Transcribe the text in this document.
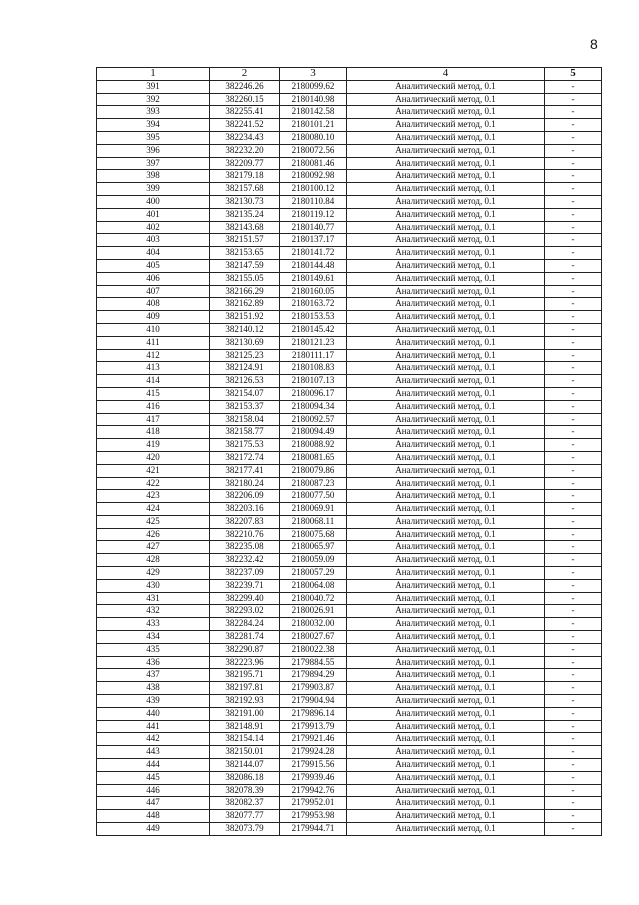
8
1	2	3	4	5
391	382246.26	2180099.62	Аналитический метод, 0.1	-
392	382260.15	2180140.98	Аналитический метод, 0.1	-
393	382255.41	2180142.58	Аналитический метод, 0.1	-
394	382241.52	2180101.21	Аналитический метод, 0.1	-
395	382234.43	2180080.10	Аналитический метод, 0.1	-
396	382232.20	2180072.56	Аналитический метод, 0.1	-
397	382209.77	2180081.46	Аналитический метод, 0.1	-
398	382179.18	2180092.98	Аналитический метод, 0.1	-
399	382157.68	2180100.12	Аналитический метод, 0.1	-
400	382130.73	2180110.84	Аналитический метод, 0.1	-
401	382135.24	2180119.12	Аналитический метод, 0.1	-
402	382143.68	2180140.77	Аналитический метод, 0.1	-
403	382151.57	2180137.17	Аналитический метод, 0.1	-
404	382153.65	2180141.72	Аналитический метод, 0.1	-
405	382147.59	2180144.48	Аналитический метод, 0.1	-
406	382155.05	2180149.61	Аналитический метод, 0.1	-
407	382166.29	2180160.05	Аналитический метод, 0.1	-
408	382162.89	2180163.72	Аналитический метод, 0.1	-
409	382151.92	2180153.53	Аналитический метод, 0.1	-
410	382140.12	2180145.42	Аналитический метод, 0.1	-
411	382130.69	2180121.23	Аналитический метод, 0.1	-
412	382125.23	2180111.17	Аналитический метод, 0.1	-
413	382124.91	2180108.83	Аналитический метод, 0.1	-
414	382126.53	2180107.13	Аналитический метод, 0.1	-
415	382154.07	2180096.17	Аналитический метод, 0.1	-
416	382153.37	2180094.34	Аналитический метод, 0.1	-
417	382158.04	2180092.57	Аналитический метод, 0.1	-
418	382158.77	2180094.49	Аналитический метод, 0.1	-
419	382175.53	2180088.92	Аналитический метод, 0.1	-
420	382172.74	2180081.65	Аналитический метод, 0.1	-
421	382177.41	2180079.86	Аналитический метод, 0.1	-
422	382180.24	2180087.23	Аналитический метод, 0.1	-
423	382206.09	2180077.50	Аналитический метод, 0.1	-
424	382203.16	2180069.91	Аналитический метод, 0.1	-
425	382207.83	2180068.11	Аналитический метод, 0.1	-
426	382210.76	2180075.68	Аналитический метод, 0.1	-
427	382235.08	2180065.97	Аналитический метод, 0.1	-
428	382232.42	2180059.09	Аналитический метод, 0.1	-
429	382237.09	2180057.29	Аналитический метод, 0.1	-
430	382239.71	2180064.08	Аналитический метод, 0.1	-
431	382299.40	2180040.72	Аналитический метод, 0.1	-
432	382293.02	2180026.91	Аналитический метод, 0.1	-
433	382284.24	2180032.00	Аналитический метод, 0.1	-
434	382281.74	2180027.67	Аналитический метод, 0.1	-
435	382290.87	2180022.38	Аналитический метод, 0.1	-
436	382223.96	2179884.55	Аналитический метод, 0.1	-
437	382195.71	2179894.29	Аналитический метод, 0.1	-
438	382197.81	2179903.87	Аналитический метод, 0.1	-
439	382192.93	2179904.94	Аналитический метод, 0.1	-
440	382191.00	2179896.14	Аналитический метод, 0.1	-
441	382148.91	2179913.79	Аналитический метод, 0.1	-
442	382154.14	2179921.46	Аналитический метод, 0.1	-
443	382150.01	2179924.28	Аналитический метод, 0.1	-
444	382144.07	2179915.56	Аналитический метод, 0.1	-
445	382086.18	2179939.46	Аналитический метод, 0.1	-
446	382078.39	2179942.76	Аналитический метод, 0.1	-
447	382082.37	2179952.01	Аналитический метод, 0.1	-
448	382077.77	2179953.98	Аналитический метод, 0.1	-
449	382073.79	2179944.71	Аналитический метод, 0.1	-
